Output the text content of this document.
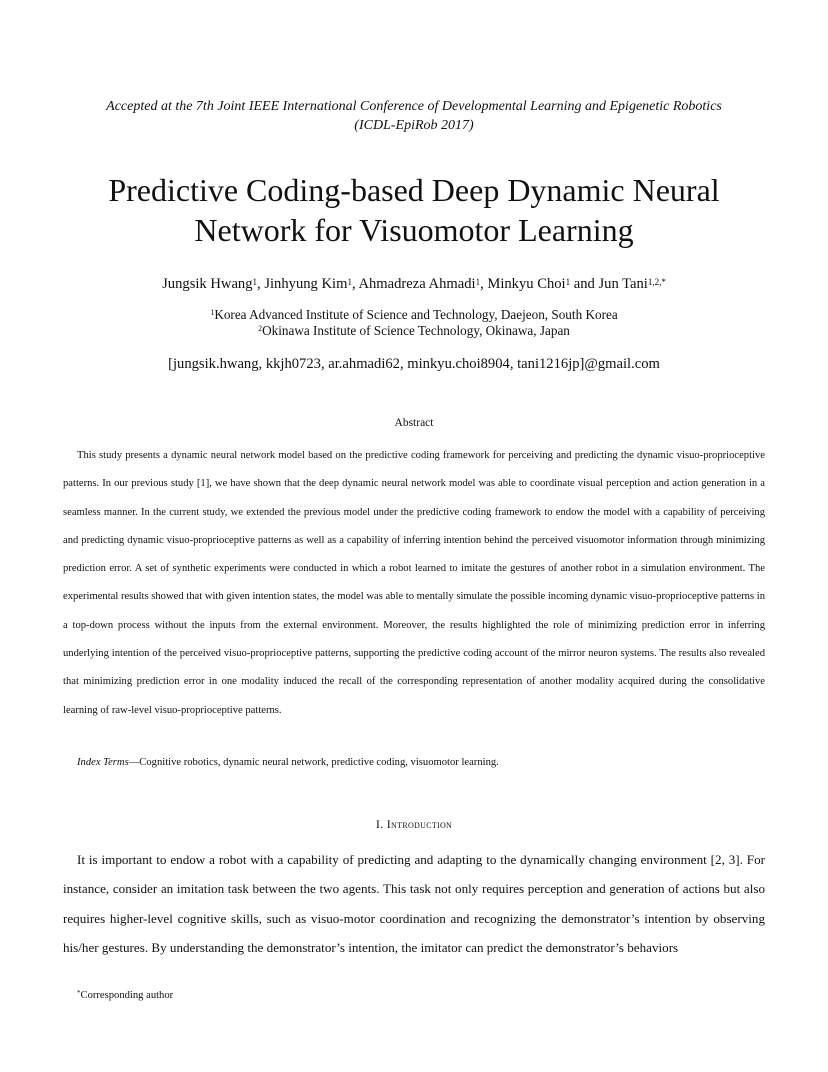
Accepted at the 7th Joint IEEE International Conference of Developmental Learning and Epigenetic Robotics (ICDL-EpiRob 2017)
Predictive Coding-based Deep Dynamic Neural Network for Visuomotor Learning
Jungsik Hwang$^1$, Jinhyung Kim$^1$, Ahmadreza Ahmadi$^1$, Minkyu Choi$^1$ and Jun Tani$^{1,2,*}$
$^1$Korea Advanced Institute of Science and Technology, Daejeon, South Korea
$^2$Okinawa Institute of Science Technology, Okinawa, Japan
[jungsik.hwang, kkjh0723, ar.ahmadi62, minkyu.choi8904, tani1216jp]@gmail.com
Abstract

This study presents a dynamic neural network model based on the predictive coding framework for perceiving and predicting the dynamic visuo-proprioceptive patterns. In our previous study [1], we have shown that the deep dynamic neural network model was able to coordinate visual perception and action generation in a seamless manner. In the current study, we extended the previous model under the predictive coding framework to endow the model with a capability of perceiving and predicting dynamic visuo-proprioceptive patterns as well as a capability of inferring intention behind the perceived visuomotor information through minimizing prediction error. A set of synthetic experiments were conducted in which a robot learned to imitate the gestures of another robot in a simulation environment. The experimental results showed that with given intention states, the model was able to mentally simulate the possible incoming dynamic visuo-proprioceptive patterns in a top-down process without the inputs from the external environment. Moreover, the results highlighted the role of minimizing prediction error in inferring underlying intention of the perceived visuo-proprioceptive patterns, supporting the predictive coding account of the mirror neuron systems. The results also revealed that minimizing prediction error in one modality induced the recall of the corresponding representation of another modality acquired during the consolidative learning of raw-level visuo-proprioceptive patterns.

Index Terms—Cognitive robotics, dynamic neural network, predictive coding, visuomotor learning.
I. Introduction

It is important to endow a robot with a capability of predicting and adapting to the dynamically changing environment [2, 3]. For instance, consider an imitation task between the two agents. This task not only requires perception and generation of actions but also requires higher-level cognitive skills, such as visuo-motor coordination and recognizing the demonstrator’s intention by observing his/her gestures. By understanding the demonstrator’s intention, the imitator can predict the demonstrator’s behaviors

*Corresponding author
